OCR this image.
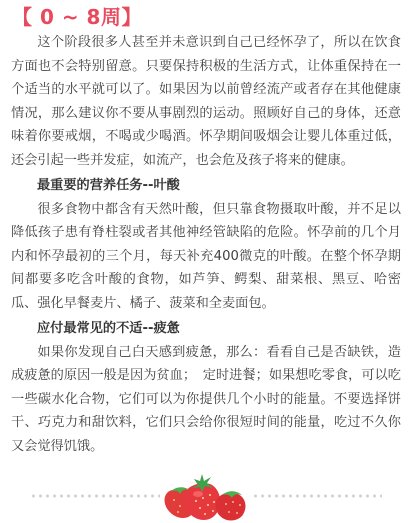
【 0 ~ 8周】

这个阶段很多人甚至并未意识到自己已经怀孕了，所以在饮食方面也不会特别留意。只要保持积极的生活方式，让体重保持在一个适当的水平就可以了。如果因为以前曾经流产或者存在其他健康情况，那么建议你不要从事剧烈的运动。照顾好自己的身体，还意味着你要戒烟，不喝或少喝酒。怀孕期间吸烟会让婴儿体重过低，还会引起一些并发症，如流产，也会危及孩子将来的健康。

最重要的营养任务--叶酸

很多食物中都含有天然叶酸，但只靠食物摄取叶酸，并不足以降低孩子患有脊柱裂或者其他神经管缺陷的危险。怀孕前的几个月内和怀孕最初的三个月，每天补充400微克的叶酸。在整个怀孕期间都要多吃含叶酸的食物，如芦笋、鳄梨、甜菜根、黑豆、哈密瓜、强化早餐麦片、橘子、菠菜和全麦面包。

应付最常见的不适--疲惫

如果你发现自己白天感到疲惫，那么：看看自己是否缺铁，造成疲惫的原因一般是因为贫血；　定时进餐；如果想吃零食，可以吃一些碳水化合物，它们可以为你提供几个小时的能量。不要选择饼干、巧克力和甜饮料，它们只会给你很短时间的能量，吃过不久你又会觉得饥饿。
